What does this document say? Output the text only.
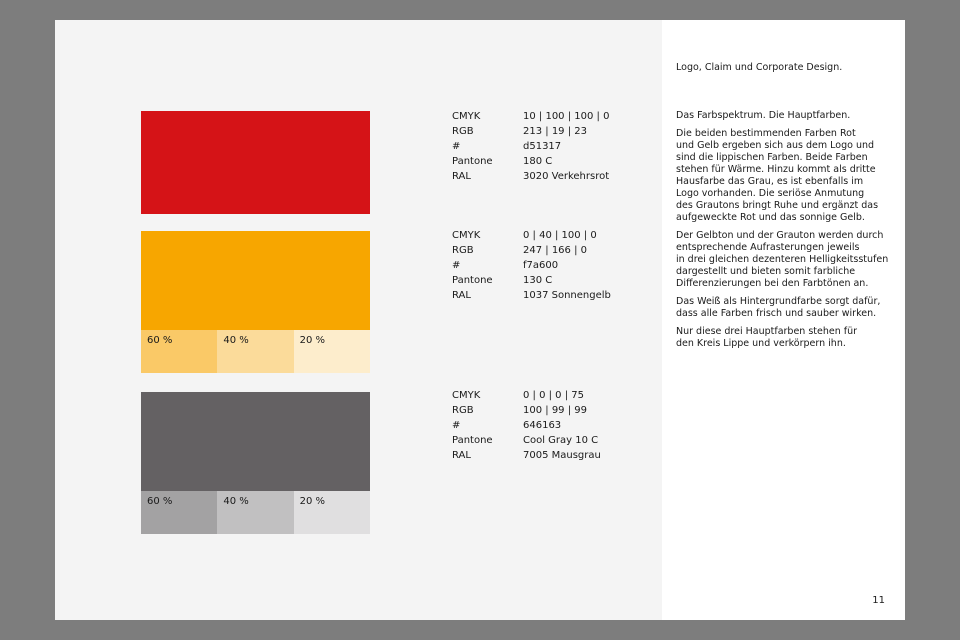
60 %	40 %	20 %
60 %	40 %	20 %
CMYK	10 | 100 | 100 | 0
RGB	213 | 19 | 23
#	d51317
Pantone	180 C
RAL	3020 Verkehrsrot
CMYK	0 | 40 | 100 | 0
RGB	247 | 166 | 0
#	f7a600
Pantone	130 C
RAL	1037 Sonnengelb
CMYK	0 | 0 | 0 | 75
RGB	100 | 99 | 99
#	646163
Pantone	Cool Gray 10 C
RAL	7005 Mausgrau
Logo, Claim und Corporate Design.

Das Farbspektrum. Die Hauptfarben.

Die beiden bestimmenden Farben Rot
und Gelb ergeben sich aus dem Logo und
sind die lippischen Farben. Beide Farben
stehen für Wärme. Hinzu kommt als dritte
Hausfarbe das Grau, es ist ebenfalls im
Logo vorhanden. Die seriöse Anmutung
des Grautons bringt Ruhe und ergänzt das
aufgeweckte Rot und das sonnige Gelb.

Der Gelbton und der Grauton werden durch
entsprechende Aufrasterungen jeweils
in drei gleichen dezenteren Helligkeitsstufen
dargestellt und bieten somit farbliche
Differenzierungen bei den Farbtönen an.

Das Weiß als Hintergrundfarbe sorgt dafür,
dass alle Farben frisch und sauber wirken.

Nur diese drei Hauptfarben stehen für
den Kreis Lippe und verkörpern ihn.

11
